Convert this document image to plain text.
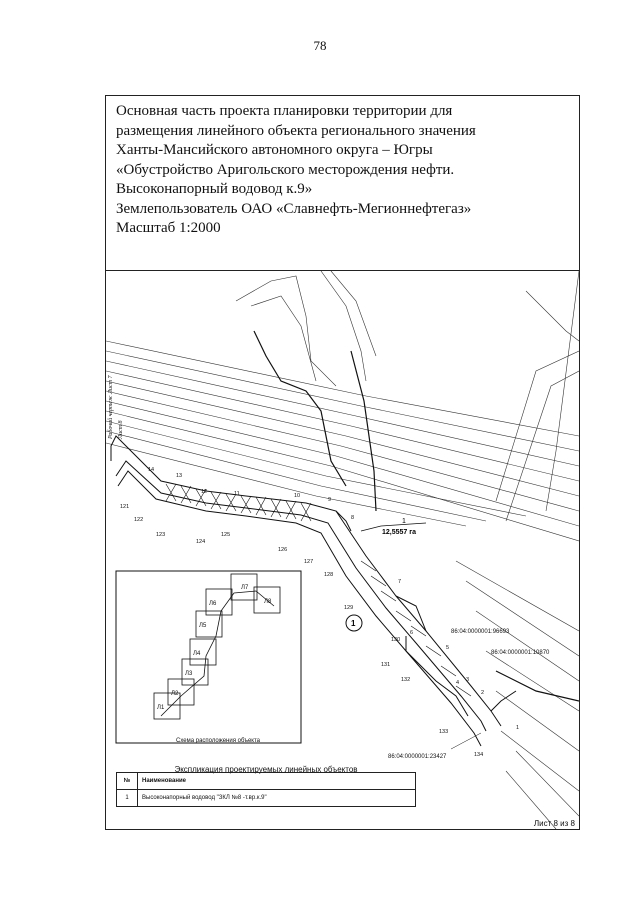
78
Основная часть проекта планировки территории для
размещения линейного объекта регионального значения
Ханты-Мансийского автономного округа – Югры
«Обустройство Аригольского месторождения нефти.
Высоконапорный водовод к.9»
Землепользователь ОАО «Славнефть-Мегионнефтегаз»
Масштаб 1:2000
1
12,5557 га
1
14
13
12	11	10
9
8
7
6
5
4 3
2
1
121
122
123
124
125
126
127
128
129
130
131
132
133
134
86:04:0000001:96693
86:04:0000001:10870
86:04:0000001:23427
Л1
Л2
Л3
Л4
Л5
Л6
Л7
Л8
Схема расположения объекта
Рабочий чертеж Лист 7 Лист 8
Экспликация проектируемых линейных объектов
№	Наименование
1	Высоконапорный водовод "ЗКЛ №8 -т.вр.к.9"
Лист 8 из 8
